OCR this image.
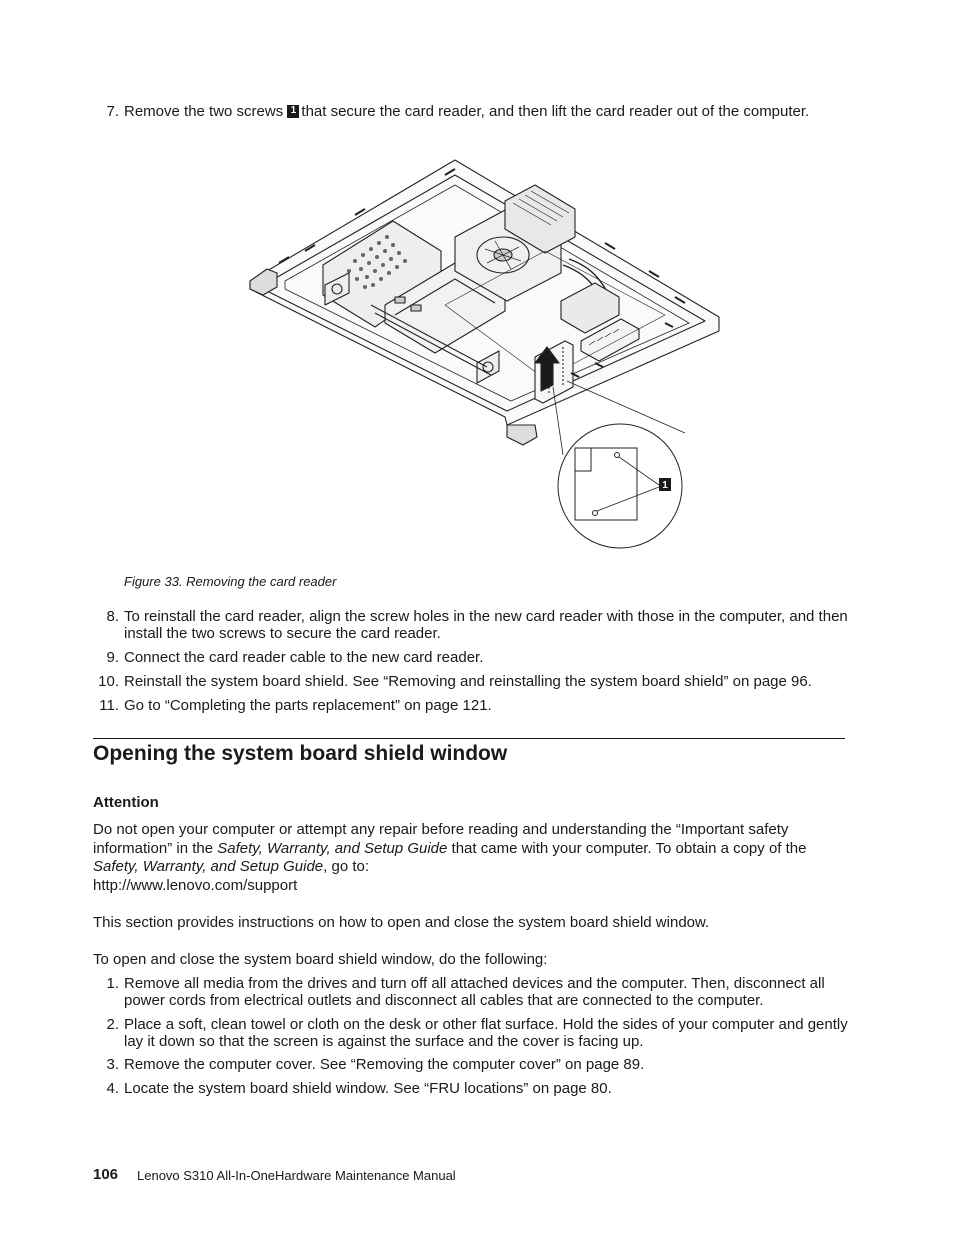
7. Remove the two screws 1 that secure the card reader, and then lift the card reader out of the computer.
1
Figure 33. Removing the card reader
8. To reinstall the card reader, align the screw holes in the new card reader with those in the computer, and then install the two screws to secure the card reader.
9. Connect the card reader cable to the new card reader.
10. Reinstall the system board shield. See “Removing and reinstalling the system board shield” on page 96.
11. Go to “Completing the parts replacement” on page 121.
Opening the system board shield window
Attention
Do not open your computer or attempt any repair before reading and understanding the “Important safety information” in the Safety, Warranty, and Setup Guide that came with your computer. To obtain a copy of the Safety, Warranty, and Setup Guide, go to:
http://www.lenovo.com/support
This section provides instructions on how to open and close the system board shield window.
To open and close the system board shield window, do the following:
1. Remove all media from the drives and turn off all attached devices and the computer. Then, disconnect all power cords from electrical outlets and disconnect all cables that are connected to the computer.
2. Place a soft, clean towel or cloth on the desk or other flat surface. Hold the sides of your computer and gently lay it down so that the screen is against the surface and the cover is facing up.
3. Remove the computer cover. See “Removing the computer cover” on page 89.
4. Locate the system board shield window. See “FRU locations” on page 80.
106 Lenovo S310 All-In-OneHardware Maintenance Manual
